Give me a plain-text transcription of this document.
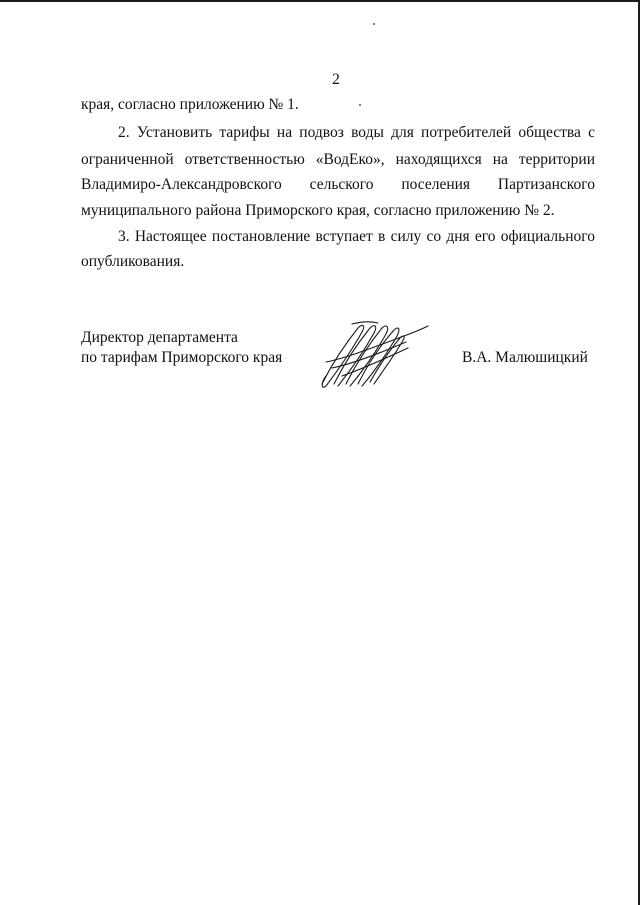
2
края, согласно приложению № 1.
2. Установить тарифы на подвоз воды для потребителей общества с
ограниченной ответственностью «ВодЕко», находящихся на территории
Владимиро-Александровского сельского поселения Партизанского
муниципального района Приморского края, согласно приложению № 2.
3. Настоящее постановление вступает в силу со дня его официального
опубликования.
Директор департамента
по тарифам Приморского края	В.А. Малюшицкий
